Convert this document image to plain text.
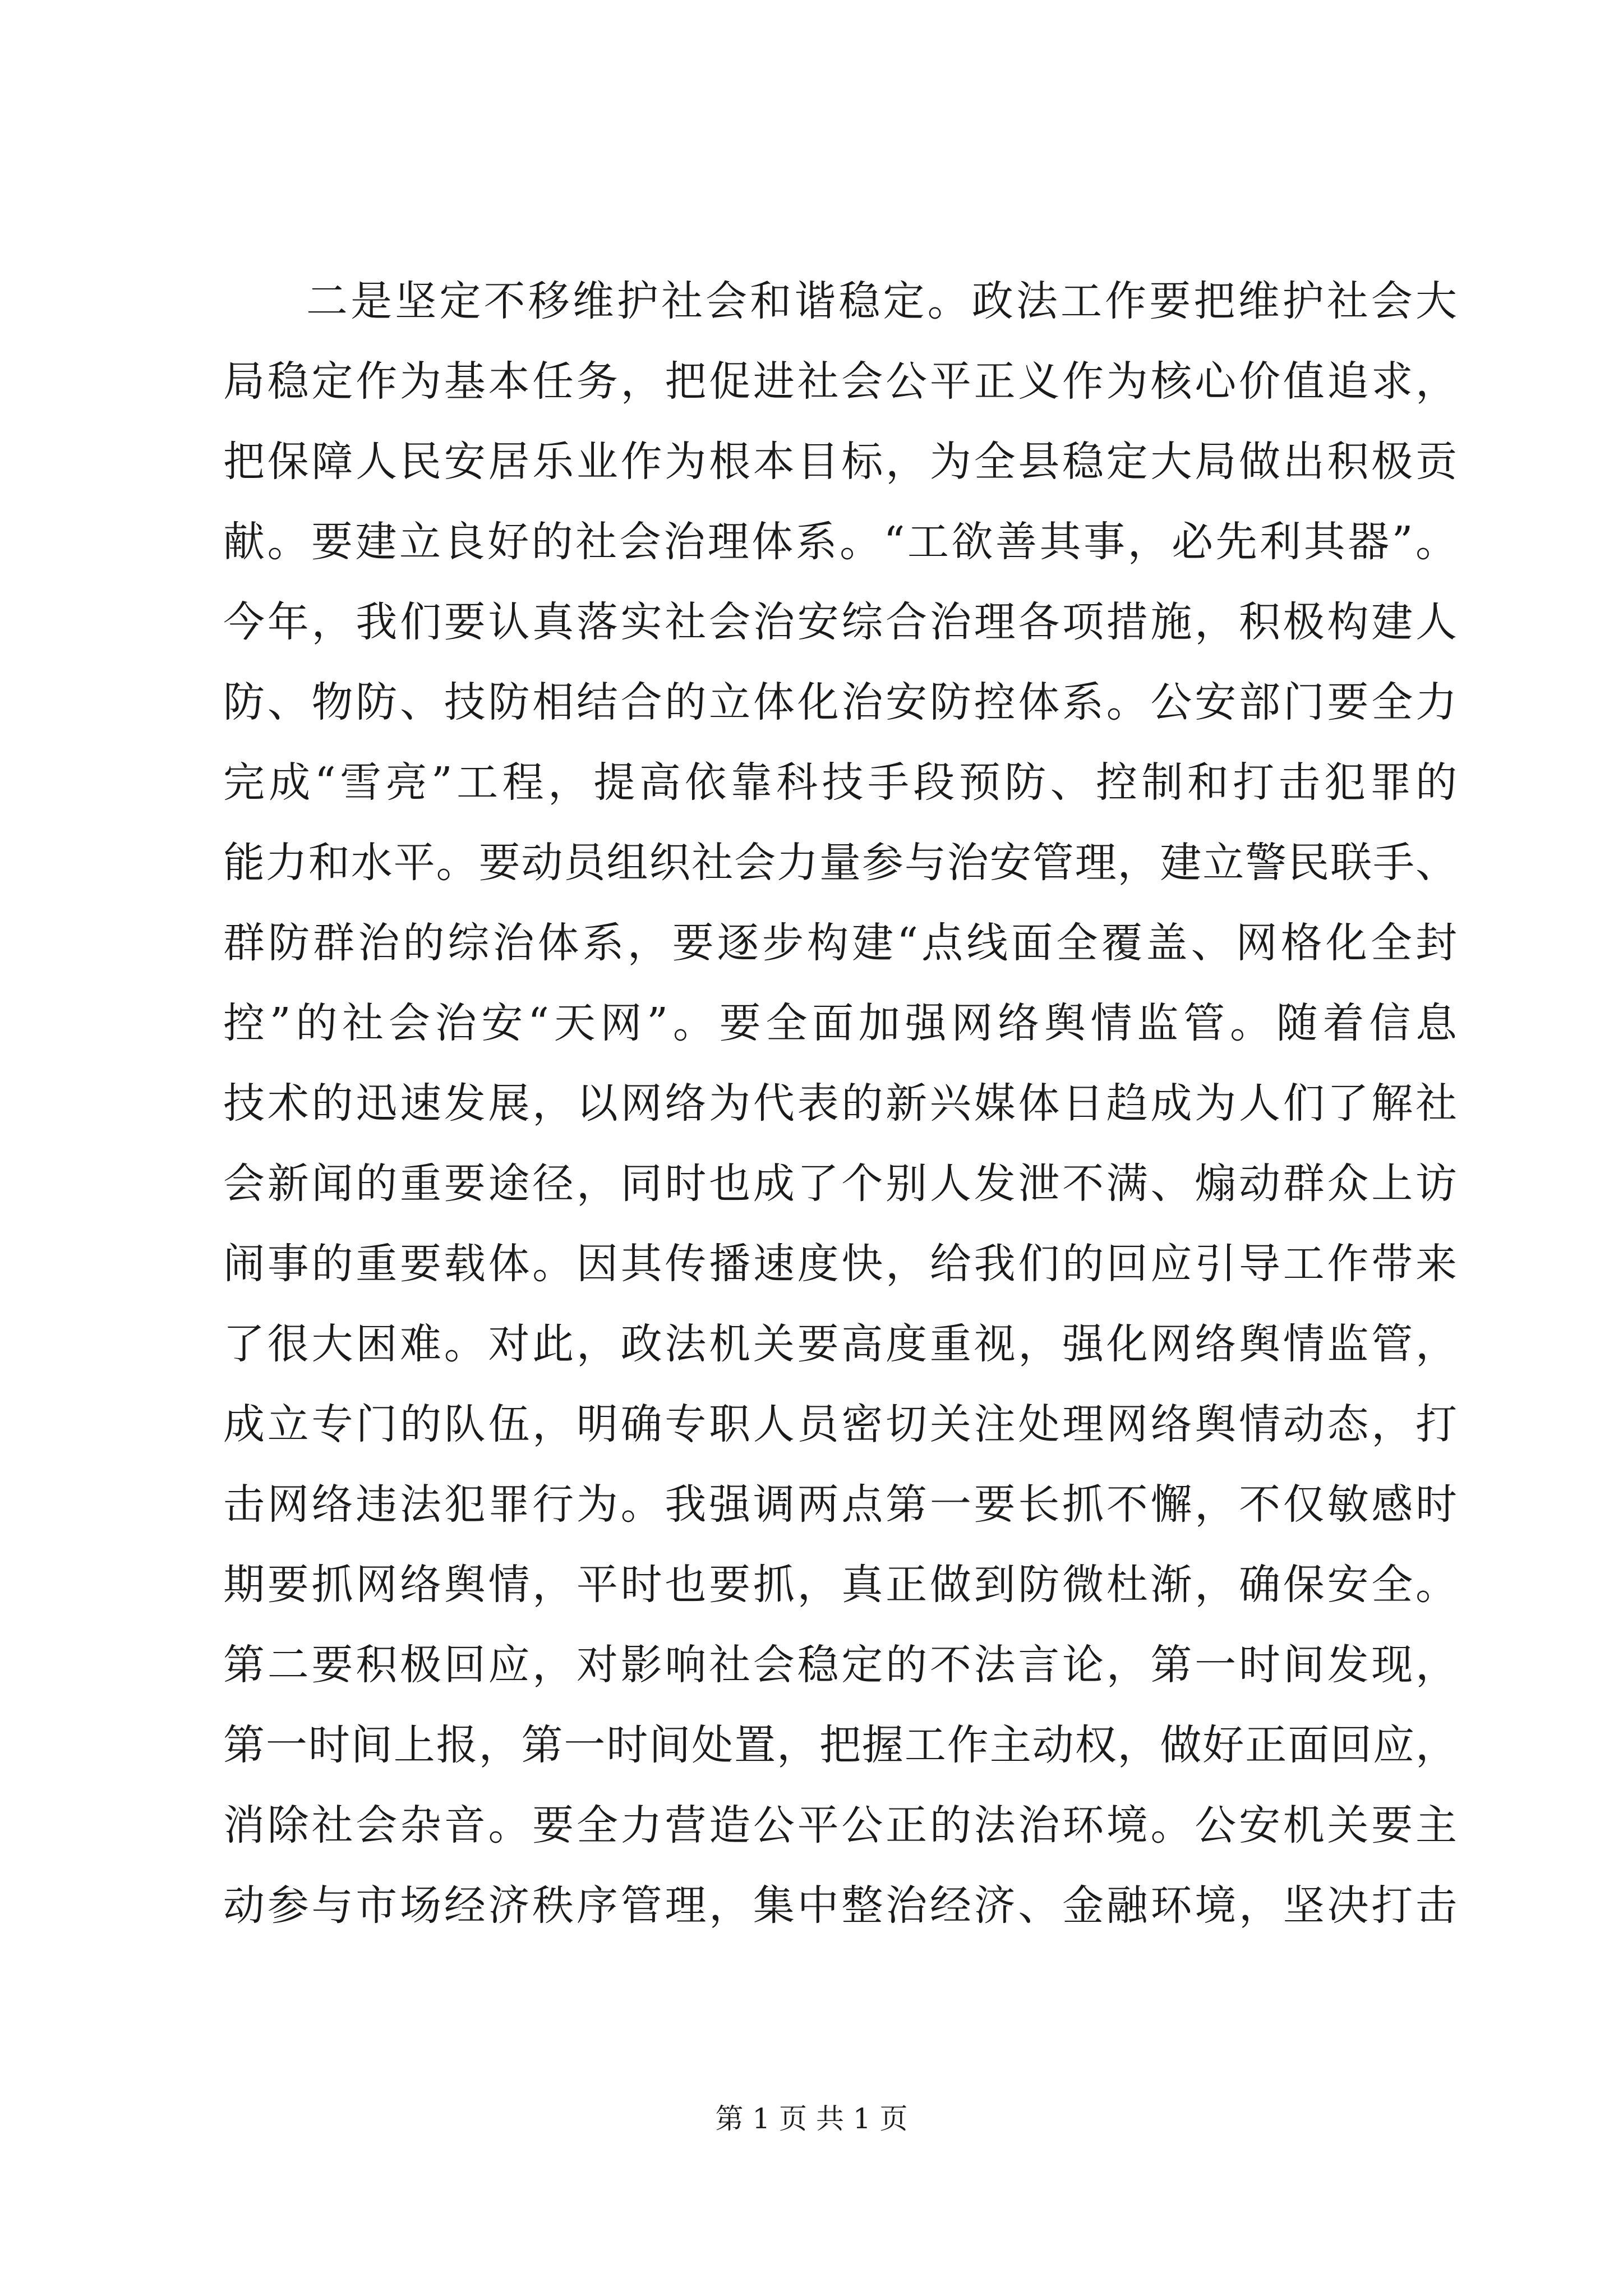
二是坚定不移维护社会和谐稳定。政法工作要把维护社会大
局稳定作为基本任务，把促进社会公平正义作为核心价值追求，
把保障人民安居乐业作为根本目标，为全县稳定大局做出积极贡
献。要建立良好的社会治理体系。“工欲善其事，必先利其器”。
今年，我们要认真落实社会治安综合治理各项措施，积极构建人
防、物防、技防相结合的立体化治安防控体系。公安部门要全力
完成“雪亮”工程，提高依靠科技手段预防、控制和打击犯罪的
能力和水平。要动员组织社会力量参与治安管理，建立警民联手、
群防群治的综治体系，要逐步构建“点线面全覆盖、网格化全封
控”的社会治安“天网”。要全面加强网络舆情监管。随着信息
技术的迅速发展，以网络为代表的新兴媒体日趋成为人们了解社
会新闻的重要途径，同时也成了个别人发泄不满、煽动群众上访
闹事的重要载体。因其传播速度快，给我们的回应引导工作带来
了很大困难。对此，政法机关要高度重视，强化网络舆情监管，
成立专门的队伍，明确专职人员密切关注处理网络舆情动态，打
击网络违法犯罪行为。我强调两点第一要长抓不懈，不仅敏感时
期要抓网络舆情，平时也要抓，真正做到防微杜渐，确保安全。
第二要积极回应，对影响社会稳定的不法言论，第一时间发现，
第一时间上报，第一时间处置，把握工作主动权，做好正面回应，
消除社会杂音。要全力营造公平公正的法治环境。公安机关要主
动参与市场经济秩序管理，集中整治经济、金融环境，坚决打击
第 1 页 共 1 页
